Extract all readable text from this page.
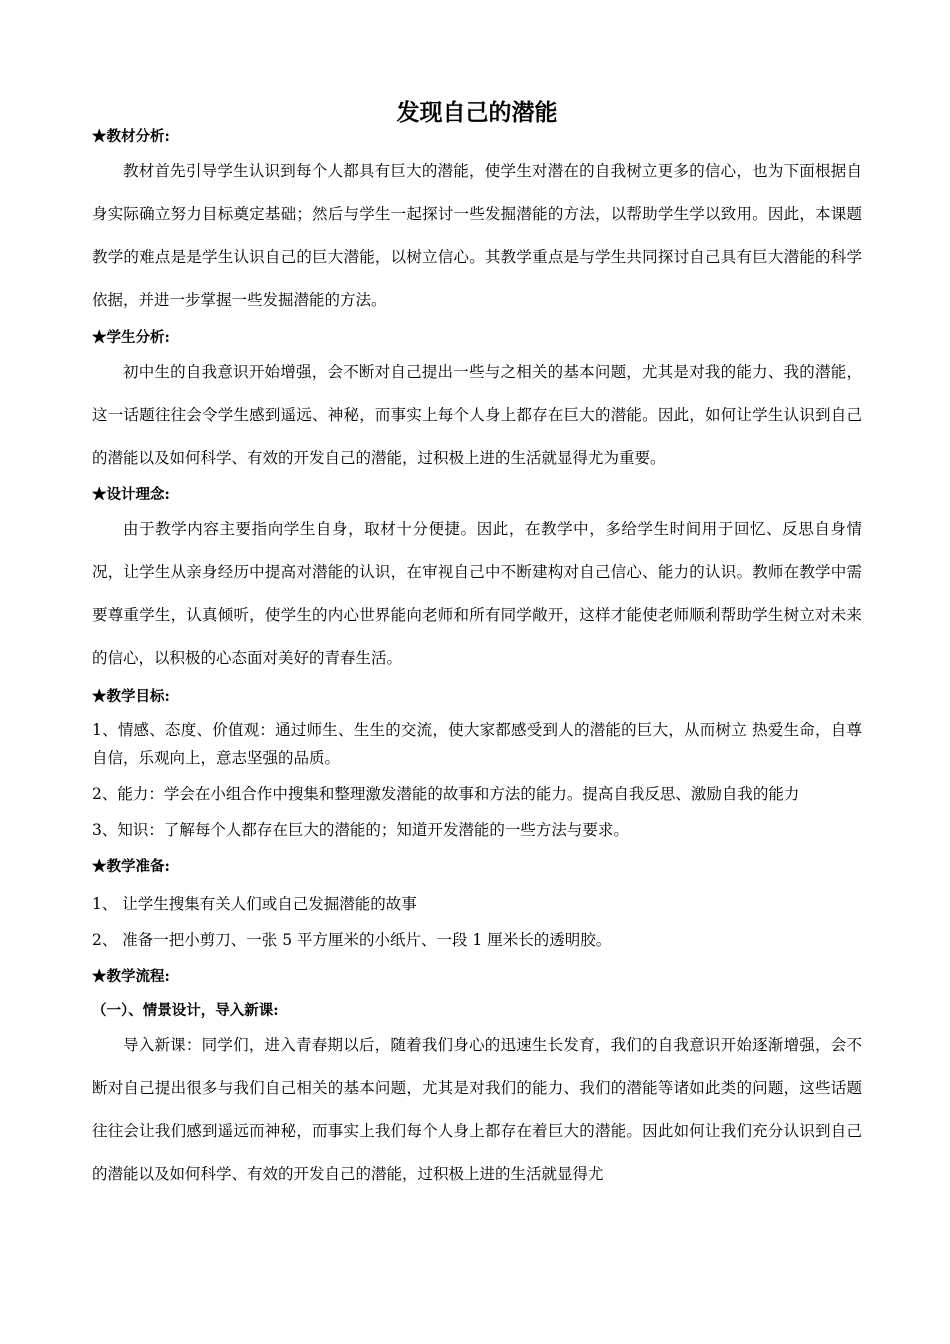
发现自己的潜能

★教材分析:

教材首先引导学生认识到每个人都具有巨大的潜能，使学生对潜在的自我树立更多的信心，也为下面根据自身实际确立努力目标奠定基础；然后与学生一起探讨一些发掘潜能的方法，以帮助学生学以致用。因此，本课题教学的难点是是学生认识自己的巨大潜能，以树立信心。其教学重点是与学生共同探讨自己具有巨大潜能的科学依据，并进一步掌握一些发掘潜能的方法。

★学生分析:

初中生的自我意识开始增强，会不断对自己提出一些与之相关的基本问题，尤其是对我的能力、我的潜能，这一话题往往会令学生感到遥远、神秘，而事实上每个人身上都存在巨大的潜能。因此，如何让学生认识到自己的潜能以及如何科学、有效的开发自己的潜能，过积极上进的生活就显得尤为重要。

★设计理念:

由于教学内容主要指向学生自身，取材十分便捷。因此，在教学中，多给学生时间用于回忆、反思自身情况，让学生从亲身经历中提高对潜能的认识，在审视自己中不断建构对自己信心、能力的认识。教师在教学中需要尊重学生，认真倾听，使学生的内心世界能向老师和所有同学敞开，这样才能使老师顺利帮助学生树立对未来的信心，以积极的心态面对美好的青春生活。

★教学目标:

1、情感、态度、价值观：通过师生、生生的交流，使大家都感受到人的潜能的巨大，从而树立 热爱生命，自尊自信，乐观向上，意志坚强的品质。

2、能力：学会在小组合作中搜集和整理激发潜能的故事和方法的能力。提高自我反思、激励自我的能力

3、知识：了解每个人都存在巨大的潜能的；知道开发潜能的一些方法与要求。

★教学准备:

1、 让学生搜集有关人们或自己发掘潜能的故事

2、 准备一把小剪刀、一张 5 平方厘米的小纸片、一段 1 厘米长的透明胶。

★教学流程:

（一）、情景设计，导入新课:

导入新课：同学们，进入青春期以后，随着我们身心的迅速生长发育，我们的自我意识开始逐渐增强，会不断对自己提出很多与我们自己相关的基本问题，尤其是对我们的能力、我们的潜能等诸如此类的问题，这些话题往往会让我们感到遥远而神秘，而事实上我们每个人身上都存在着巨大的潜能。因此如何让我们充分认识到自己的潜能以及如何科学、有效的开发自己的潜能，过积极上进的生活就显得尤
